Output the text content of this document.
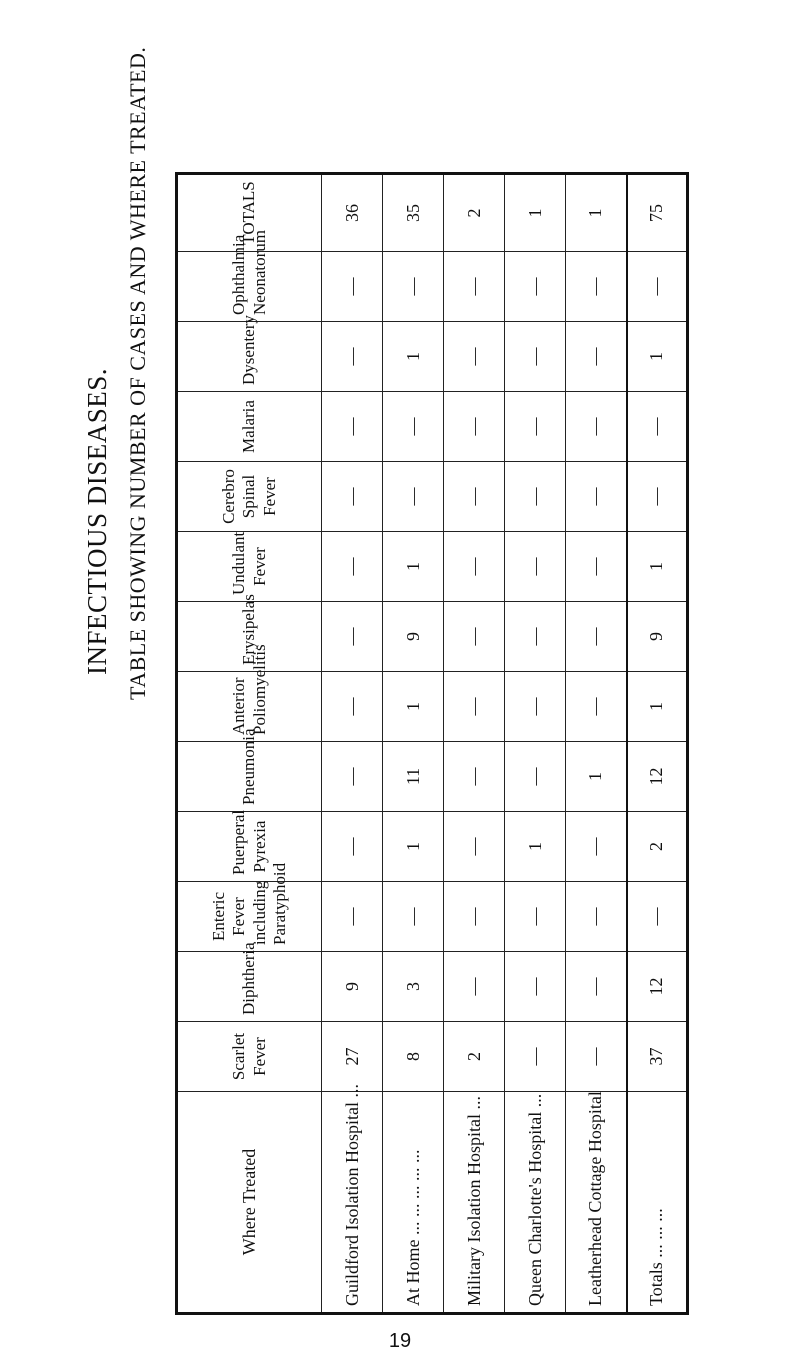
INFECTIOUS DISEASES. TABLE SHOWING NUMBER OF CASES AND WHERE TREATED.
Where Treated	Scarlet Fever	Diphtheria	Enteric Fever including Paratyphoid	Puerperal Pyrexia	Pneumonia	Anterior Poliomyelitis	Erysipelas	Undulant Fever	Cerebro Spinal Fever	Malaria	Dysentery	Ophthalmia Neonatorum	TOTALS
Guildford Isolation Hospital ...	27	9	—	—	—	—	—	—	—	—	—	—	36
At Home ... ... ... ... ...	8	3	—	1	11	1	9	1	—	—	1	—	35
Military Isolation Hospital ...	2	—	—	—	—	—	—	—	—	—	—	—	2
Queen Charlotte's Hospital ...	—	—	—	1	—	—	—	—	—	—	—	—	1
Leatherhead Cottage Hospital	—	—	—	—	1	—	—	—	—	—	—	—	1
Totals ... ... ...	37	12	—	2	12	1	9	1	—	—	1	—	75
19
